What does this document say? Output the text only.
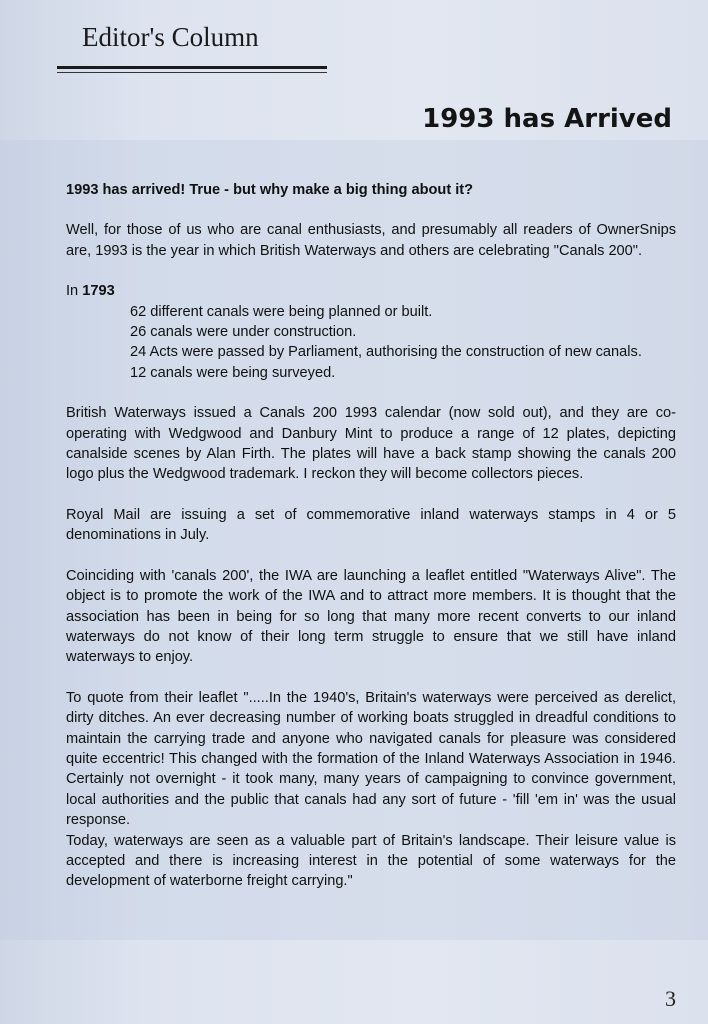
Editor's Column
1993 has Arrived

1993 has arrived! True - but why make a big thing about it?

Well, for those of us who are canal enthusiasts, and presumably all readers of OwnerSnips are, 1993 is the year in which British Waterways and others are celebrating "Canals 200".

In 1793

62 different canals were being planned or built.
26 canals were under construction.
24 Acts were passed by Parliament, authorising the construction of new canals.
12 canals were being surveyed.

British Waterways issued a Canals 200 1993 calendar (now sold out), and they are co-operating with Wedgwood and Danbury Mint to produce a range of 12 plates, depicting canalside scenes by Alan Firth. The plates will have a back stamp showing the canals 200 logo plus the Wedgwood trademark. I reckon they will become collectors pieces.

Royal Mail are issuing a set of commemorative inland waterways stamps in 4 or 5 denominations in July.

Coinciding with 'canals 200', the IWA are launching a leaflet entitled "Waterways Alive". The object is to promote the work of the IWA and to attract more members. It is thought that the association has been in being for so long that many more recent converts to our inland waterways do not know of their long term struggle to ensure that we still have inland waterways to enjoy.

To quote from their leaflet ".....In the 1940's, Britain's waterways were perceived as derelict, dirty ditches. An ever decreasing number of working boats struggled in dreadful conditions to maintain the carrying trade and anyone who navigated canals for pleasure was considered quite eccentric! This changed with the formation of the Inland Waterways Association in 1946. Certainly not overnight - it took many, many years of campaigning to convince government, local authorities and the public that canals had any sort of future - 'fill 'em in' was the usual response.

Today, waterways are seen as a valuable part of Britain's landscape. Their leisure value is accepted and there is increasing interest in the potential of some waterways for the development of waterborne freight carrying."

3
